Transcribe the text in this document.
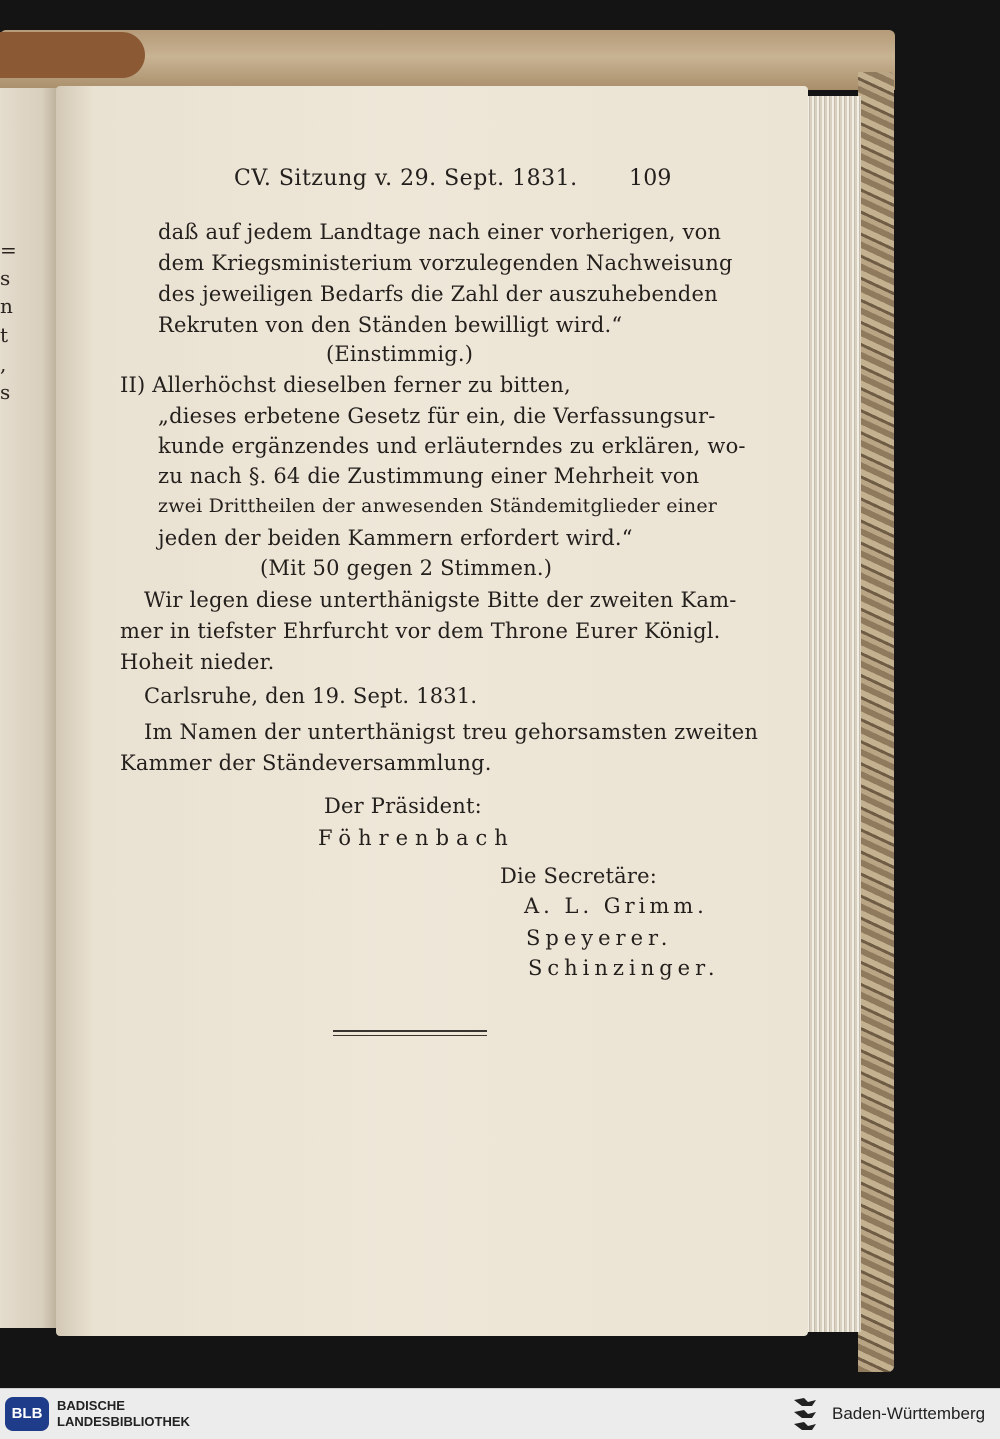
=
s
n
t
,
s
CV. Sitzung v. 29. Sept. 1831.	109
daß auf jedem Landtage nach einer vorherigen, von
dem Kriegsministerium vorzulegenden Nachweisung
des jeweiligen Bedarfs die Zahl der auszuhebenden
Rekruten von den Ständen bewilligt wird.“
(Einstimmig.)
II) Allerhöchst dieselben ferner zu bitten,
„dieses erbetene Gesetz für ein, die Verfassungsur-
kunde ergänzendes und erläuterndes zu erklären, wo-
zu nach §. 64 die Zustimmung einer Mehrheit von
zwei Drittheilen der anwesenden Ständemitglieder einer
jeden der beiden Kammern erfordert wird.“
(Mit 50 gegen 2 Stimmen.)
Wir legen diese unterthänigste Bitte der zweiten Kam-
mer in tiefster Ehrfurcht vor dem Throne Eurer Königl.
Hoheit nieder.
Carlsruhe, den 19. Sept. 1831.
Im Namen der unterthänigst treu gehorsamsten zweiten
Kammer der Ständeversammlung.
Der Präsident:
Föhrenbach
Die Secretäre:
A. L. Grimm.
Speyerer.
Schinzinger.
BLB	BADISCHE
LANDESBIBLIOTHEK	Baden-Württemberg
